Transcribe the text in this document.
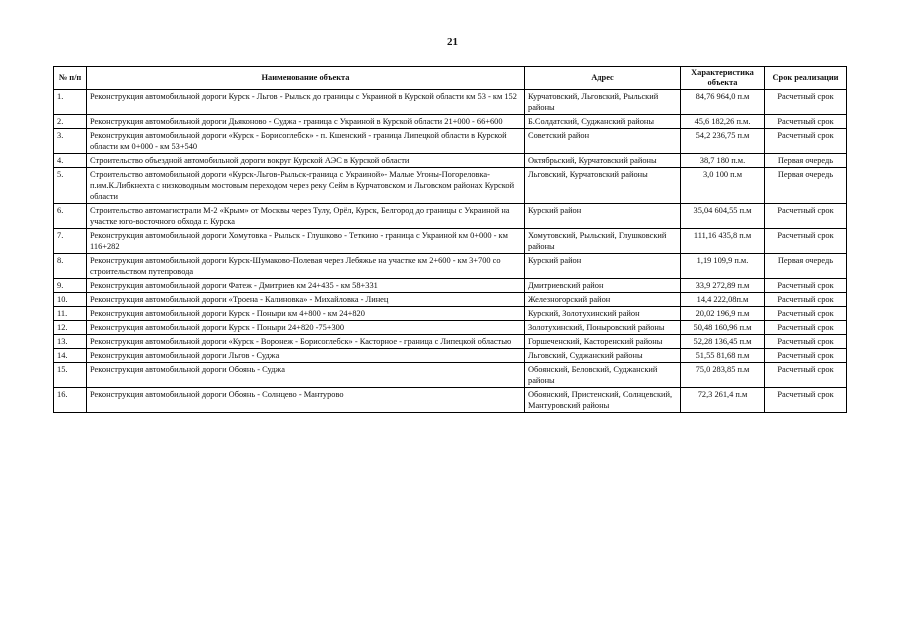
21
№ п/п	Наименование объекта	Адрес	Характеристика объекта	Срок реализации
1.	Реконструкция автомобильной дороги Курск - Льгов - Рыльск до границы с Украиной в Курской области км 53 - км 152	Курчатовский, Льговский, Рыльский районы	84,76 964,0 п.м	Расчетный срок
2.	Реконструкция автомобильной дороги Дьяконово - Суджа - граница с Украиной в Курской области 21+000 - 66+600	Б.Солдатский, Суджанский районы	45,6 182,26 п.м.	Расчетный срок
3.	Реконструкция автомобильной дороги «Курск - Борисоглебск» - п. Кшенский - граница Липецкой области в Курской области км 0+000 - км 53+540	Советский район	54,2 236,75 п.м	Расчетный срок
4.	Строительство объездной автомобильной дороги вокруг Курской АЭС в Курской области	Октябрьский, Курчатовский районы	38,7 180 п.м.	Первая очередь
5.	Строительство автомобильной дороги «Курск-Льгов-Рыльск-граница с Украиной»- Малые Угоны-Погореловка-п.им.К.Либкнехта с низководным мостовым переходом через реку Сейм в Курчатовском и Льговском районах Курской области	Льговский, Курчатовский районы	3,0 100 п.м	Первая очередь
6.	Строительство автомагистрали М-2 «Крым» от Москвы через Тулу, Орёл, Курск, Белгород до границы с Украиной на участке юго-восточного обхода г. Курска	Курский район	35,04 604,55 п.м	Расчетный срок
7.	Реконструкция автомобильной дороги Хомутовка - Рыльск - Глушково - Теткино - граница с Украиной км 0+000 - км 116+282	Хомутовский, Рыльский, Глушковский районы	111,16 435,8 п.м	Расчетный срок
8.	Реконструкция автомобильной дороги Курск-Шумаково-Полевая через Лебяжье на участке км 2+600 - км 3+700 со строительством путепровода	Курский район	1,19 109,9 п.м.	Первая очередь
9.	Реконструкция автомобильной дороги Фатеж - Дмитриев км 24+435 - км 58+331	Дмитриевский район	33,9 272,89 п.м	Расчетный срок
10.	Реконструкция автомобильной дороги «Троена - Калиновка» - Михайловка - Линец	Железногорский район	14,4 222,08п.м	Расчетный срок
11.	Реконструкция автомобильной дороги Курск - Поныри км 4+800 - км 24+820	Курский, Золотухинский район	20,02 196,9 п.м	Расчетный срок
12.	Реконструкция автомобильной дороги Курск - Поныри 24+820 -75+300	Золотухинский, Поныровский районы	50,48 160,96 п.м	Расчетный срок
13.	Реконструкция автомобильной дороги «Курск - Воронеж - Борисоглебск» - Касторное - граница с Липецкой областью	Горшеченский, Касторенский районы	52,28 136,45 п.м	Расчетный срок
14.	Реконструкция автомобильной дороги Льгов - Суджа	Льговский, Суджанский районы	51,55 81,68 п.м	Расчетный срок
15.	Реконструкция автомобильной дороги Обоянь - Суджа	Обоянский, Беловский, Суджанский районы	75,0 283,85 п.м	Расчетный срок
16.	Реконструкция автомобильной дороги Обоянь - Солнцево - Мантурово	Обоянский, Пристенский, Солнцевский, Мантуровский районы	72,3 261,4 п.м	Расчетный срок
